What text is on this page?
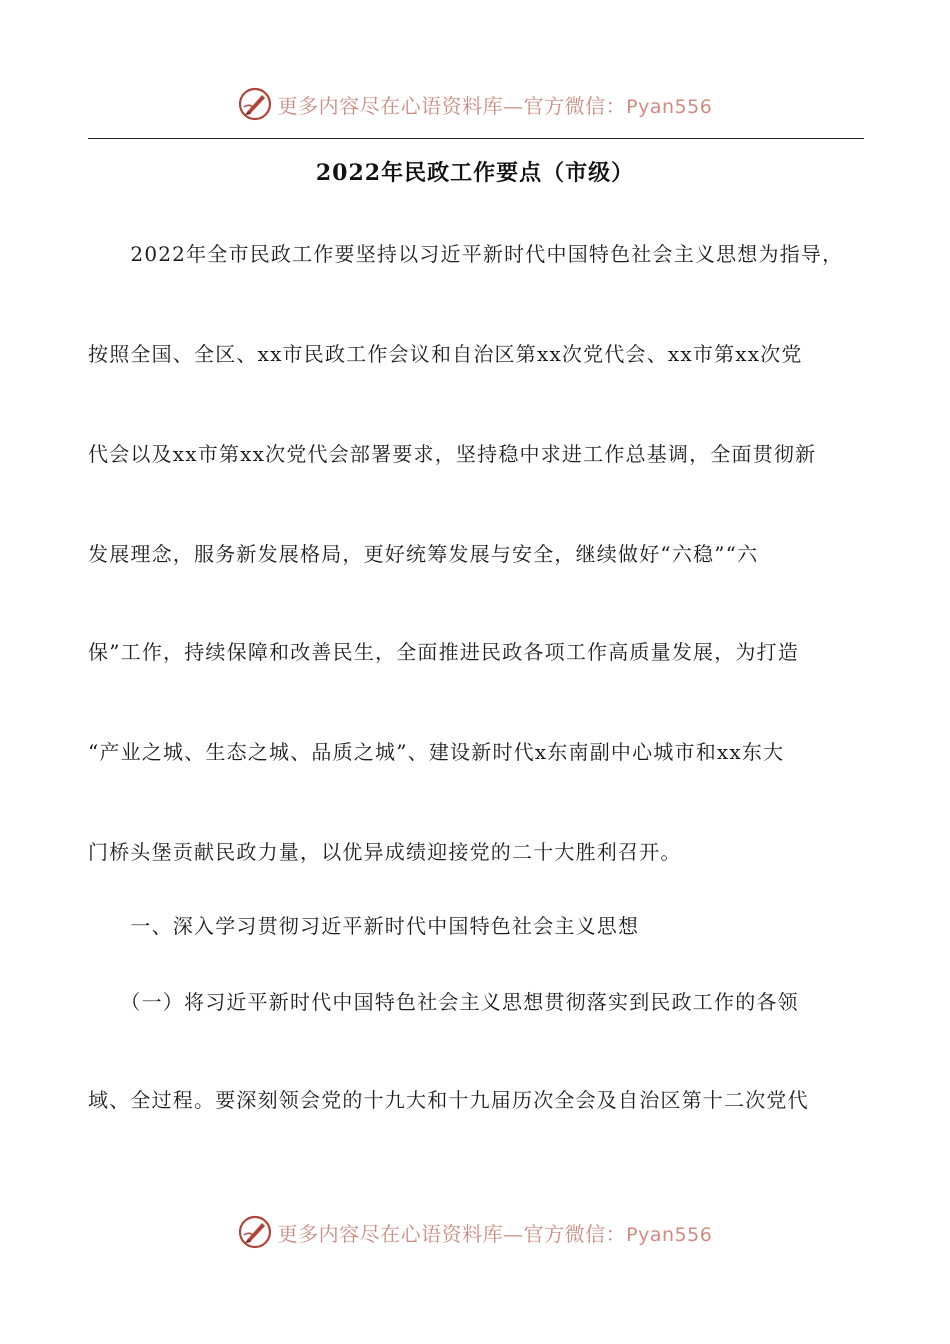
更多内容尽在心语资料库—官方微信：Pyan556
2022年民政工作要点（市级）
　　2022年全市民政工作要坚持以习近平新时代中国特色社会主义思想为指导，
按照全国、全区、xx市民政工作会议和自治区第xx次党代会、xx市第xx次党
代会以及xx市第xx次党代会部署要求，坚持稳中求进工作总基调，全面贯彻新
发展理念，服务新发展格局，更好统筹发展与安全，继续做好“六稳”“六
保”工作，持续保障和改善民生，全面推进民政各项工作高质量发展，为打造
“产业之城、生态之城、品质之城”、建设新时代x东南副中心城市和xx东大
门桥头堡贡献民政力量，以优异成绩迎接党的二十大胜利召开。
　　一、深入学习贯彻习近平新时代中国特色社会主义思想
　　（一）将习近平新时代中国特色社会主义思想贯彻落实到民政工作的各领
域、全过程。要深刻领会党的十九大和十九届历次全会及自治区第十二次党代
更多内容尽在心语资料库—官方微信：Pyan556
